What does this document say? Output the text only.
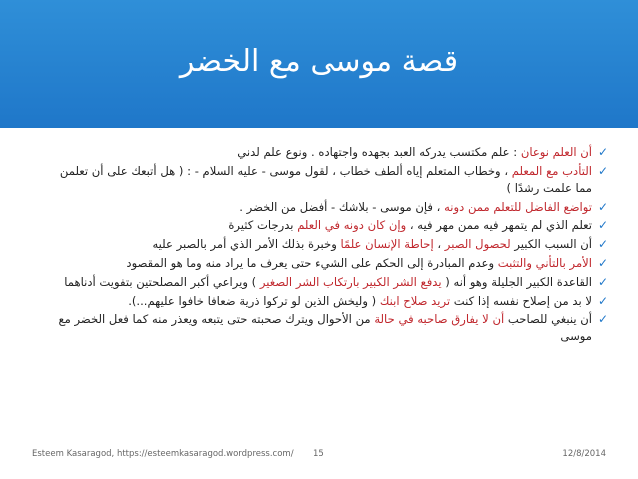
قصة موسى مع الخضر
✓
أن العلم نوعان : علم مكتسب يدركه العبد بجهده واجتهاده . ونوع علم لدني
✓
التأدب مع المعلم ، وخطاب المتعلم إياه ألطف خطاب ، لقول موسى - عليه السلام - : ( هل أتبعك على أن تعلمن مما علمت رشدًا )
✓
تواضع الفاضل للتعلم ممن دونه ، فإن موسى - بلاشك - أفضل من الخضر .
✓
تعلم الذي لم يتمهر فيه ممن مهر فيه ، وإن كان دونه في العلم بدرجات كثيرة
✓
أن السبب الكبير لحصول الصبر ، إحاطة الإنسان علمًا وخبرة بذلك الأمر الذي أمر بالصبر عليه
✓
الأمر بالتأني والتثبت وعدم المبادرة إلى الحكم على الشيء حتى يعرف ما يراد منه وما هو المقصود
✓
القاعدة الكبير الجليلة وهو أنه ( يدفع الشر الكبير بارتكاب الشر الصغير ) ويراعي أكبر المصلحتين بتفويت أدناهما
✓
لا بد من إصلاح نفسه إذا كنت تريد صلاح ابنك ( وليخش الذين لو تركوا ذرية ضعافا خافوا عليهم...).
✓
أن ينبغي للصاحب أن لا يفارق صاحبه في حالة من الأحوال ويترك صحبته حتى يتبعه ويعذر منه كما فعل الخضر مع موسى
Esteem Kasaragod, https://esteemkasaragod.wordpress.com/ 15	12/8/2014
